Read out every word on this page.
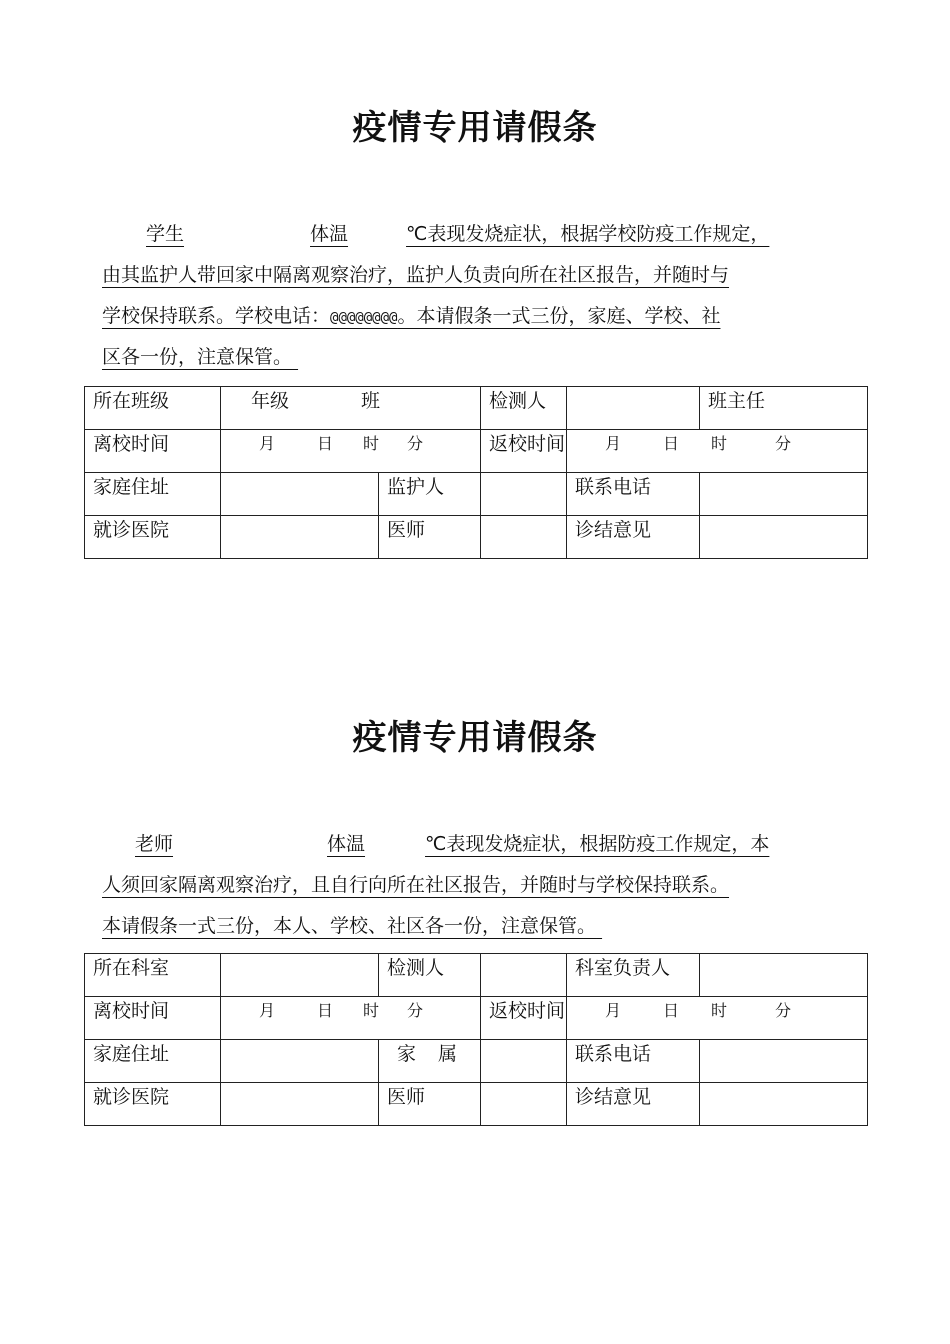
疫情专用请假条
学生	体温	℃表现发烧症状，根据学校防疫工作规定，
由其监护人带回家中隔离观察治疗，监护人负责向所在社区报告，并随时与
学校保持联系。学校电话：@@@@@@@@。本请假条一式三份，家庭、学校、社
区各一份，注意保管。
所在班级	年级 班		检测人		班主任	
离校时间	月 日 时 分		返校时间	月 日 时 分		
家庭住址		监护人		联系电话		
就诊医院		医师		诊结意见		
疫情专用请假条
老师	体温	℃表现发烧症状，根据防疫工作规定，本
人须回家隔离观察治疗，且自行向所在社区报告，并随时与学校保持联系。
本请假条一式三份，本人、学校、社区各一份，注意保管。
所在科室		检测人		科室负责人	
离校时间	月 日 时 分		返校时间	月 日 时 分	
家庭住址		家 属		联系电话	
就诊医院		医师		诊结意见	
